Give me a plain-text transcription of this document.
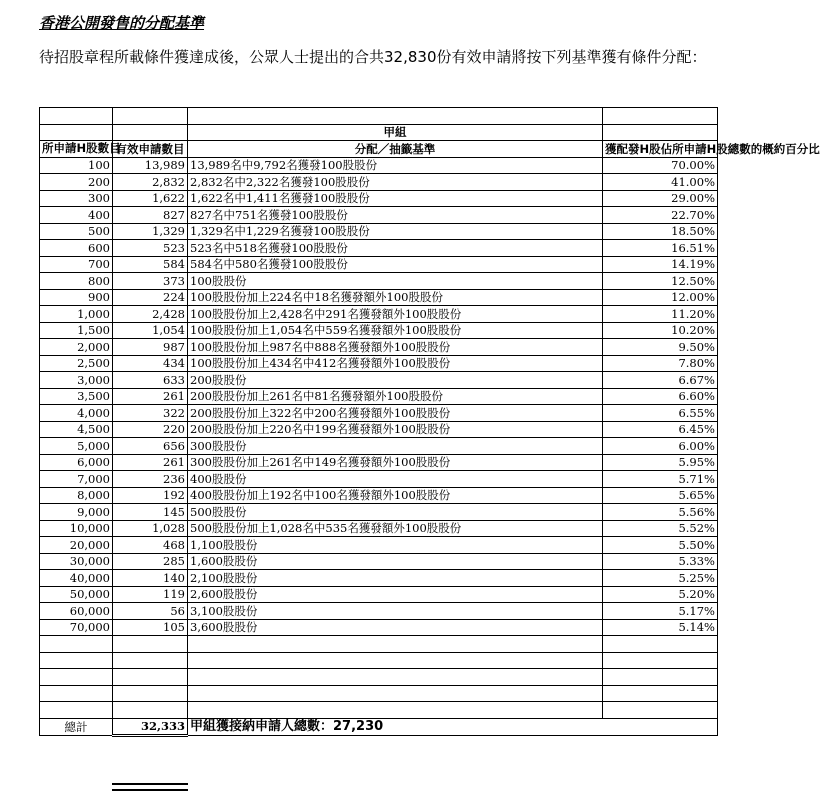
香港公開發售的分配基準
待招股章程所載條件獲達成後，公眾人士提出的合共32,830份有效申請將按下列基準獲有條件分配：

		甲組	
所申請H股數目	有效申請數目	分配／抽籤基準	獲配發H股佔所申請H股總數的概約百分比
100	13,989	13,989名中9,792名獲發100股股份	70.00%
200	2,832	2,832名中2,322名獲發100股股份	41.00%
300	1,622	1,622名中1,411名獲發100股股份	29.00%
400	827	827名中751名獲發100股股份	22.70%
500	1,329	1,329名中1,229名獲發100股股份	18.50%
600	523	523名中518名獲發100股股份	16.51%
700	584	584名中580名獲發100股股份	14.19%
800	373	100股股份	12.50%
900	224	100股股份加上224名中18名獲發額外100股股份	12.00%
1,000	2,428	100股股份加上2,428名中291名獲發額外100股股份	11.20%
1,500	1,054	100股股份加上1,054名中559名獲發額外100股股份	10.20%
2,000	987	100股股份加上987名中888名獲發額外100股股份	9.50%
2,500	434	100股股份加上434名中412名獲發額外100股股份	7.80%
3,000	633	200股股份	6.67%
3,500	261	200股股份加上261名中81名獲發額外100股股份	6.60%
4,000	322	200股股份加上322名中200名獲發額外100股股份	6.55%
4,500	220	200股股份加上220名中199名獲發額外100股股份	6.45%
5,000	656	300股股份	6.00%
6,000	261	300股股份加上261名中149名獲發額外100股股份	5.95%
7,000	236	400股股份	5.71%
8,000	192	400股股份加上192名中100名獲發額外100股股份	5.65%
9,000	145	500股股份	5.56%
10,000	1,028	500股股份加上1,028名中535名獲發額外100股股份	5.52%
20,000	468	1,100股股份	5.50%
30,000	285	1,600股股份	5.33%
40,000	140	2,100股股份	5.25%
50,000	119	2,600股股份	5.20%
60,000	56	3,100股股份	5.17%
70,000	105	3,600股股份	5.14%

總計	32,333	甲組獲接納申請人總數：27,230	
